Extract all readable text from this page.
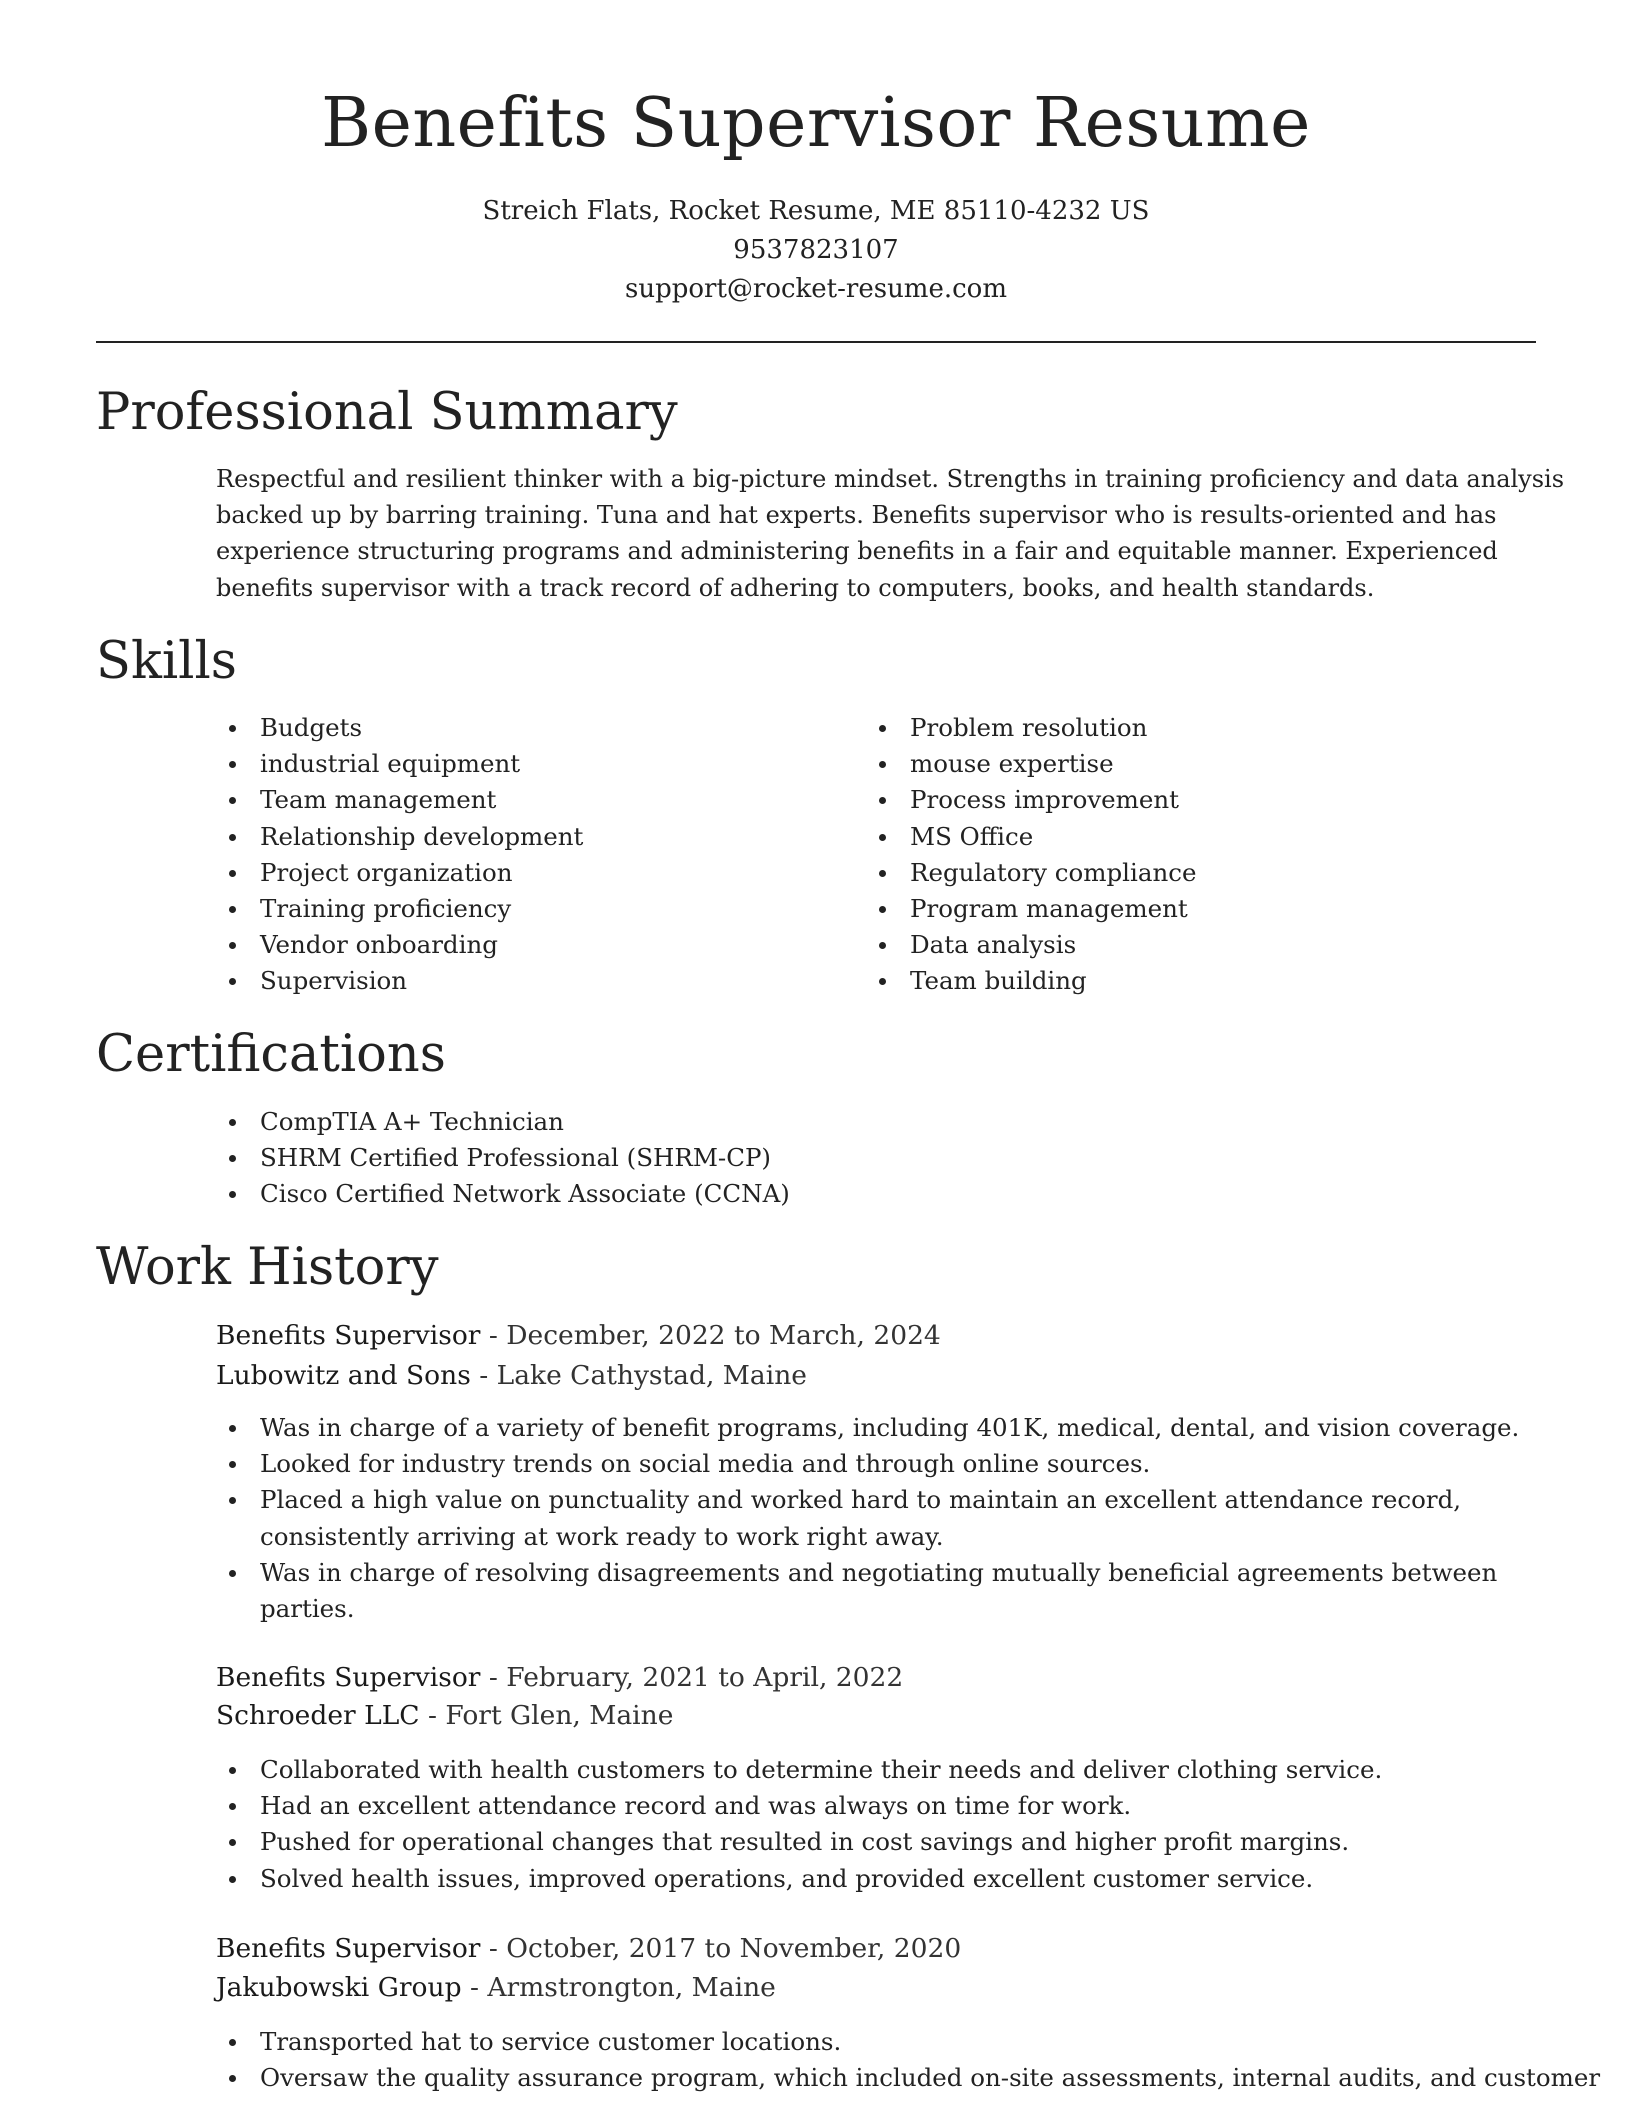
Benefits Supervisor Resume
Streich Flats, Rocket Resume, ME 85110-4232 US
9537823107
support@rocket-resume.com
Professional Summary
Respectful and resilient thinker with a big-picture mindset. Strengths in training proficiency and data analysis
backed up by barring training. Tuna and hat experts. Benefits supervisor who is results-oriented and has
experience structuring programs and administering benefits in a fair and equitable manner. Experienced
benefits supervisor with a track record of adhering to computers, books, and health standards.
Skills
Budgets
industrial equipment
Team management
Relationship development
Project organization
Training proficiency
Vendor onboarding
Supervision
Problem resolution
mouse expertise
Process improvement
MS Office
Regulatory compliance
Program management
Data analysis
Team building
Certifications
CompTIA A+ Technician
SHRM Certified Professional (SHRM-CP)
Cisco Certified Network Associate (CCNA)
Work History
Benefits Supervisor - December, 2022 to March, 2024
Lubowitz and Sons - Lake Cathystad, Maine
Was in charge of a variety of benefit programs, including 401K, medical, dental, and vision coverage.
Looked for industry trends on social media and through online sources.
Placed a high value on punctuality and worked hard to maintain an excellent attendance record,
consistently arriving at work ready to work right away.
Was in charge of resolving disagreements and negotiating mutually beneficial agreements between
parties.
Benefits Supervisor - February, 2021 to April, 2022
Schroeder LLC - Fort Glen, Maine
Collaborated with health customers to determine their needs and deliver clothing service.
Had an excellent attendance record and was always on time for work.
Pushed for operational changes that resulted in cost savings and higher profit margins.
Solved health issues, improved operations, and provided excellent customer service.
Benefits Supervisor - October, 2017 to November, 2020
Jakubowski Group - Armstrongton, Maine
Transported hat to service customer locations.
Oversaw the quality assurance program, which included on-site assessments, internal audits, and customer
